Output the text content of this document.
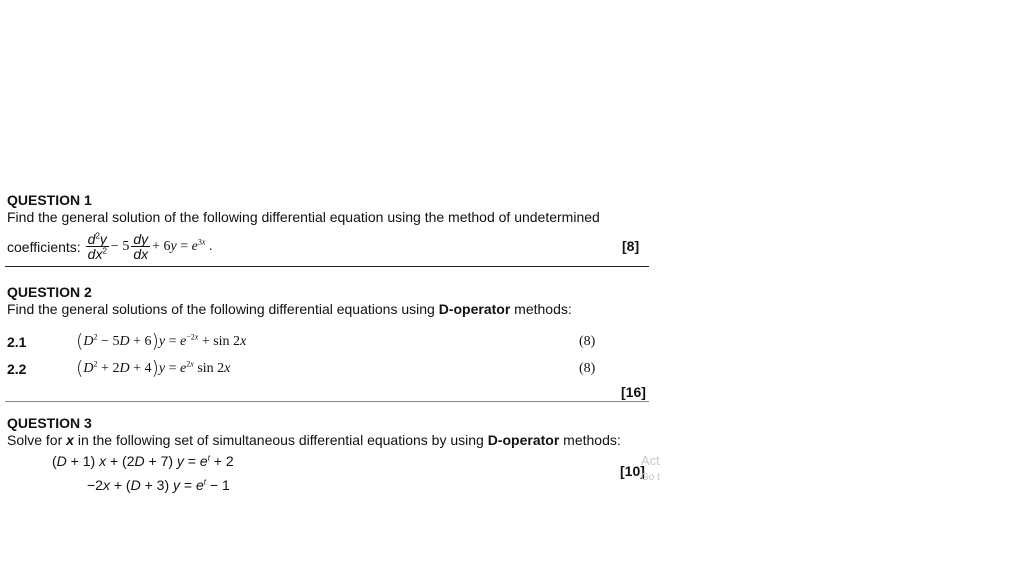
QUESTION 1
Find the general solution of the following differential equation using the method of undetermined
coefficients: $\frac{d^2y}{dx^2} - 5 \frac{dy}{dx} + 6y = e^{3x}$ .	[8]
QUESTION 2
Find the general solutions of the following differential equations using D-operator methods:
2.1	$(D^2 - 5D + 6)y = e^{-2x} + \sin 2x$	(8)
2.2	$(D^2 + 2D + 4)y = e^{2x}$ sin 2x	(8)
[16]
QUESTION 3
Solve for x in the following set of simultaneous differential equations by using D-operator methods:
(D + 1) x + (2D + 7) $y = e^t + 2$
−2x + (D + 3) $y = e^t - 1$
[10]
Act
Go t
